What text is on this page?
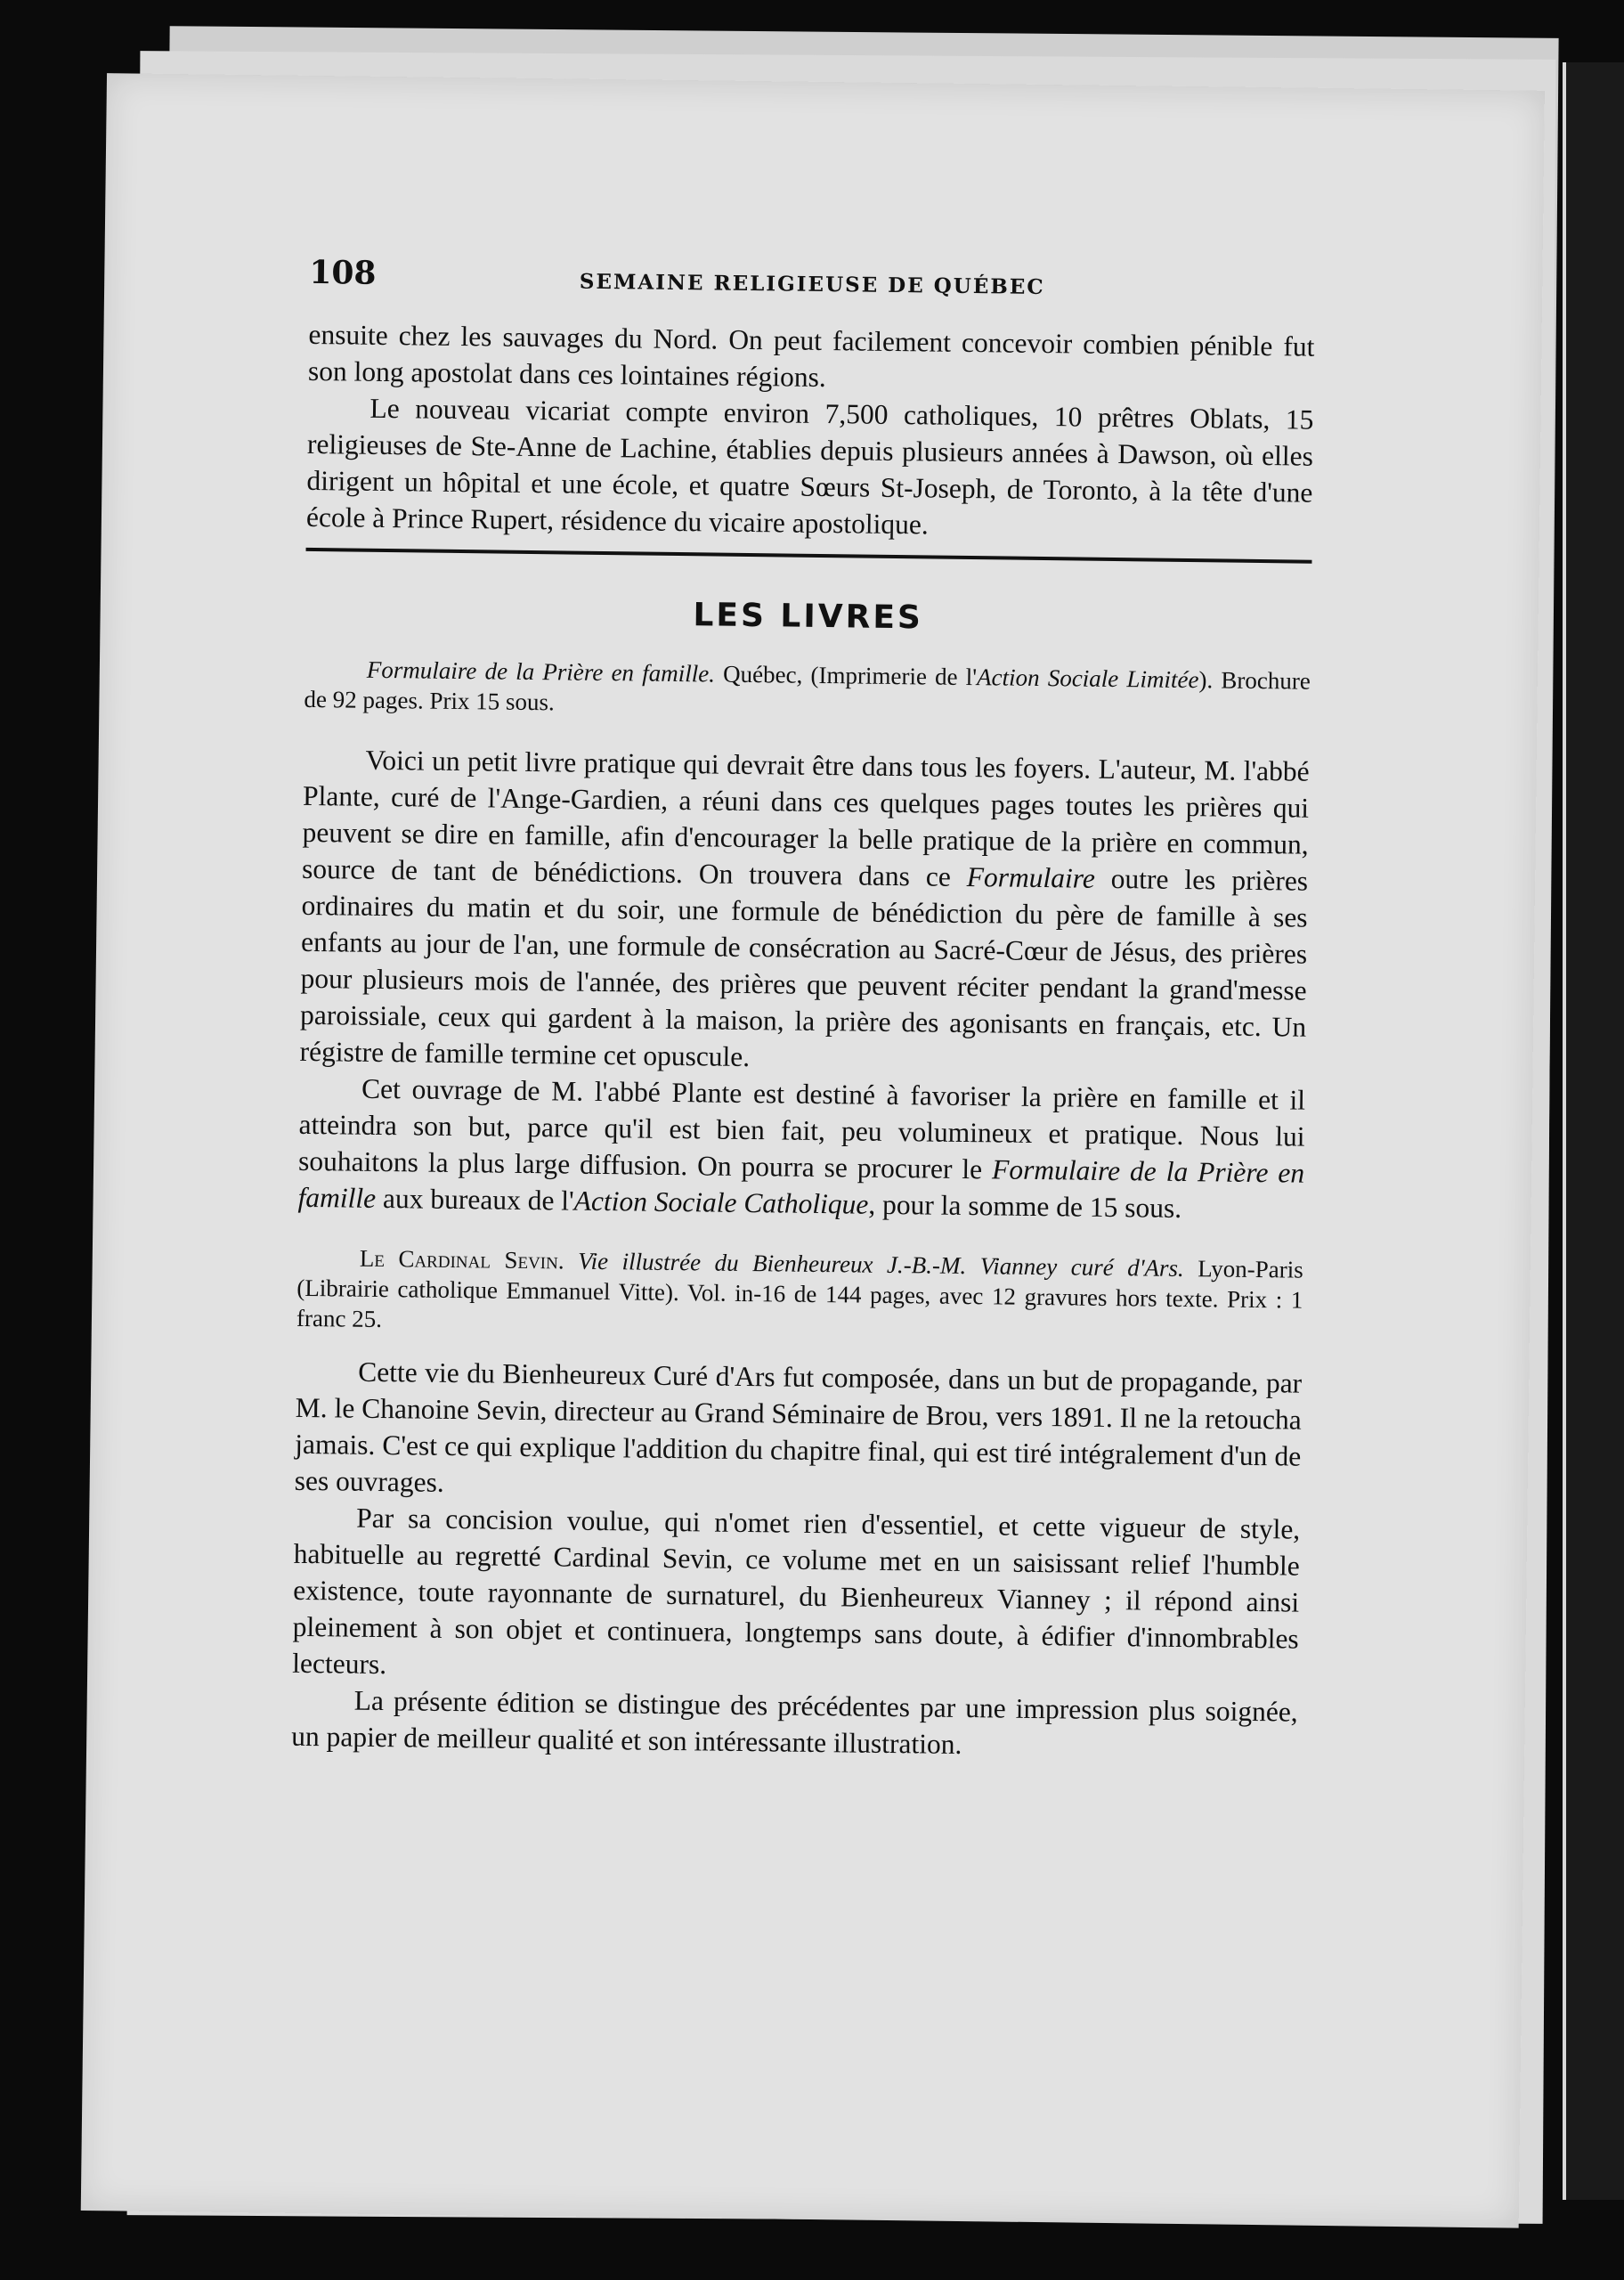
108	SEMAINE RELIGIEUSE DE QUÉBEC

ensuite chez les sauvages du Nord. On peut facilement concevoir combien pénible fut son long apostolat dans ces lointaines régions.

Le nouveau vicariat compte environ 7,500 catholiques, 10 prêtres Oblats, 15 religieuses de Ste-Anne de Lachine, établies depuis plusieurs années à Dawson, où elles dirigent un hôpital et une école, et quatre Sœurs St-Joseph, de Toronto, à la tête d'une école à Prince Rupert, résidence du vicaire apostolique.

LES LIVRES

Formulaire de la Prière en famille. Québec, (Imprimerie de l'Action Sociale Limitée). Brochure de 92 pages. Prix 15 sous.

Voici un petit livre pratique qui devrait être dans tous les foyers. L'auteur, M. l'abbé Plante, curé de l'Ange-Gardien, a réuni dans ces quelques pages toutes les prières qui peuvent se dire en famille, afin d'encourager la belle pratique de la prière en commun, source de tant de bénédictions. On trouvera dans ce Formulaire outre les prières ordinaires du matin et du soir, une formule de bénédiction du père de famille à ses enfants au jour de l'an, une formule de consécration au Sacré-Cœur de Jésus, des prières pour plusieurs mois de l'année, des prières que peuvent réciter pendant la grand'messe paroissiale, ceux qui gardent à la maison, la prière des agonisants en français, etc. Un régistre de famille termine cet opuscule.

Cet ouvrage de M. l'abbé Plante est destiné à favoriser la prière en famille et il atteindra son but, parce qu'il est bien fait, peu volumineux et pratique. Nous lui souhaitons la plus large diffusion. On pourra se procurer le Formulaire de la Prière en famille aux bureaux de l'Action Sociale Catholique, pour la somme de 15 sous.

Le Cardinal Sevin. Vie illustrée du Bienheureux J.-B.-M. Vianney curé d'Ars. Lyon-Paris (Librairie catholique Emmanuel Vitte). Vol. in-16 de 144 pages, avec 12 gravures hors texte. Prix : 1 franc 25.

Cette vie du Bienheureux Curé d'Ars fut composée, dans un but de propagande, par M. le Chanoine Sevin, directeur au Grand Séminaire de Brou, vers 1891. Il ne la retoucha jamais. C'est ce qui explique l'addition du chapitre final, qui est tiré intégralement d'un de ses ouvrages.

Par sa concision voulue, qui n'omet rien d'essentiel, et cette vigueur de style, habituelle au regretté Cardinal Sevin, ce volume met en un saisissant relief l'humble existence, toute rayonnante de surnaturel, du Bienheureux Vianney ; il répond ainsi pleinement à son objet et continuera, longtemps sans doute, à édifier d'innombrables lecteurs.

La présente édition se distingue des précédentes par une impression plus soignée, un papier de meilleur qualité et son intéressante illustration.
